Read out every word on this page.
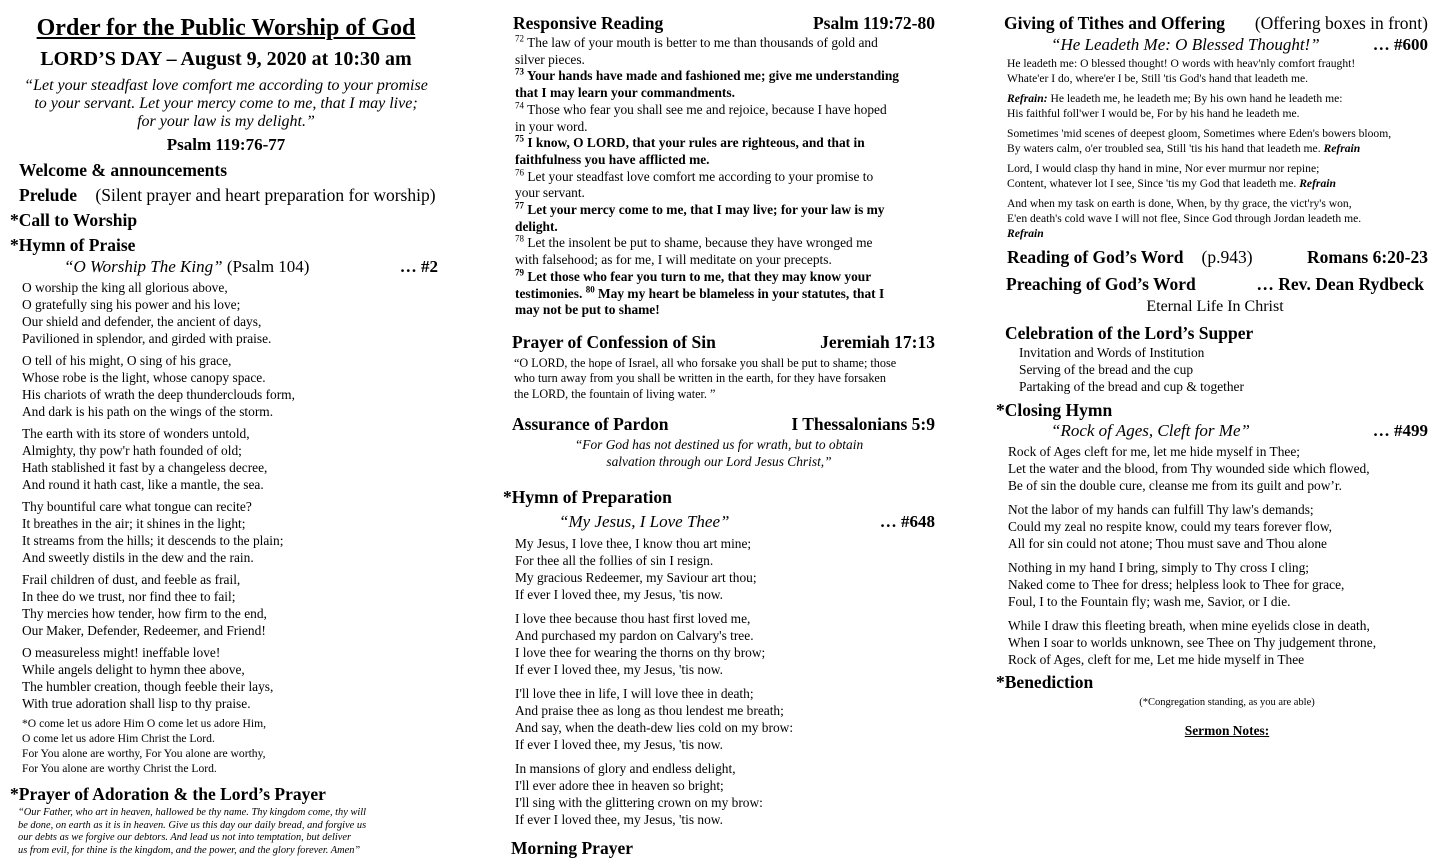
Order for the Public Worship of God
LORD’S DAY – August 9, 2020 at 10:30 am
“Let your steadfast love comfort me according to your promise
to your servant. Let your mercy come to me, that I may live;
for your law is my delight.”
Psalm 119:76-77
Welcome & announcements
Prelude (Silent prayer and heart preparation for worship)
*Call to Worship
*Hymn of Praise
“O Worship The King” (Psalm 104)	… #2
O worship the king all glorious above,
O gratefully sing his power and his love;
Our shield and defender, the ancient of days,
Pavilioned in splendor, and girded with praise.
O tell of his might, O sing of his grace,
Whose robe is the light, whose canopy space.
His chariots of wrath the deep thunderclouds form,
And dark is his path on the wings of the storm.
The earth with its store of wonders untold,
Almighty, thy pow'r hath founded of old;
Hath stablished it fast by a changeless decree,
And round it hath cast, like a mantle, the sea.
Thy bountiful care what tongue can recite?
It breathes in the air; it shines in the light;
It streams from the hills; it descends to the plain;
And sweetly distils in the dew and the rain.
Frail children of dust, and feeble as frail,
In thee do we trust, nor find thee to fail;
Thy mercies how tender, how firm to the end,
Our Maker, Defender, Redeemer, and Friend!
O measureless might! ineffable love!
While angels delight to hymn thee above,
The humbler creation, though feeble their lays,
With true adoration shall lisp to thy praise.
*O come let us adore Him O come let us adore Him,
O come let us adore Him Christ the Lord.
For You alone are worthy, For You alone are worthy,
For You alone are worthy Christ the Lord.
*Prayer of Adoration & the Lord’s Prayer
“Our Father, who art in heaven, hallowed be thy name. Thy kingdom come, thy will
be done, on earth as it is in heaven. Give us this day our daily bread, and forgive us
our debts as we forgive our debtors. And lead us not into temptation, but deliver
us from evil, for thine is the kingdom, and the power, and the glory forever. Amen”
Responsive Reading	Psalm 119:72-80
$^{72}$ The law of your mouth is better to me than thousands of gold and
silver pieces.
$^{73}$ Your hands have made and fashioned me; give me understanding
that I may learn your commandments.
$^{74}$ Those who fear you shall see me and rejoice, because I have hoped
in your word.
$^{75}$ I know, O LORD, that your rules are righteous, and that in
faithfulness you have afflicted me.
$^{76}$ Let your steadfast love comfort me according to your promise to
your servant.
$^{77}$ Let your mercy come to me, that I may live; for your law is my
delight.
$^{78}$ Let the insolent be put to shame, because they have wronged me
with falsehood; as for me, I will meditate on your precepts.
$^{79}$ Let those who fear you turn to me, that they may know your
testimonies. $^{80}$ May my heart be blameless in your statutes, that I
may not be put to shame!
Prayer of Confession of Sin	Jeremiah 17:13
“O LORD, the hope of Israel, all who forsake you shall be put to shame; those
who turn away from you shall be written in the earth, for they have forsaken
the LORD, the fountain of living water. ”
Assurance of Pardon	I Thessalonians 5:9
“For God has not destined us for wrath, but to obtain
salvation through our Lord Jesus Christ,”
*Hymn of Preparation
“My Jesus, I Love Thee”	… #648
My Jesus, I love thee, I know thou art mine;
For thee all the follies of sin I resign.
My gracious Redeemer, my Saviour art thou;
If ever I loved thee, my Jesus, 'tis now.
I love thee because thou hast first loved me,
And purchased my pardon on Calvary's tree.
I love thee for wearing the thorns on thy brow;
If ever I loved thee, my Jesus, 'tis now.
I'll love thee in life, I will love thee in death;
And praise thee as long as thou lendest me breath;
And say, when the death-dew lies cold on my brow:
If ever I loved thee, my Jesus, 'tis now.
In mansions of glory and endless delight,
I'll ever adore thee in heaven so bright;
I'll sing with the glittering crown on my brow:
If ever I loved thee, my Jesus, 'tis now.
Morning Prayer
Giving of Tithes and Offering (Offering boxes in front)
“He Leadeth Me: O Blessed Thought!”	… #600
He leadeth me: O blessed thought! O words with heav'nly comfort fraught!
Whate'er I do, where'er I be, Still 'tis God's hand that leadeth me.
Refrain: He leadeth me, he leadeth me; By his own hand he leadeth me:
His faithful foll'wer I would be, For by his hand he leadeth me.
Sometimes 'mid scenes of deepest gloom, Sometimes where Eden's bowers bloom,
By waters calm, o'er troubled sea, Still 'tis his hand that leadeth me. Refrain
Lord, I would clasp thy hand in mine, Nor ever murmur nor repine;
Content, whatever lot I see, Since 'tis my God that leadeth me. Refrain
And when my task on earth is done, When, by thy grace, the vict'ry's won,
E'en death's cold wave I will not flee, Since God through Jordan leadeth me.
Refrain
Reading of God’s Word (p.943)	Romans 6:20-23
Preaching of God’s Word	… Rev. Dean Rydbeck
Eternal Life In Christ
Celebration of the Lord’s Supper
Invitation and Words of Institution
Serving of the bread and the cup
Partaking of the bread and cup & together
*Closing Hymn
“Rock of Ages, Cleft for Me”	… #499
Rock of Ages cleft for me, let me hide myself in Thee;
Let the water and the blood, from Thy wounded side which flowed,
Be of sin the double cure, cleanse me from its guilt and pow’r.
Not the labor of my hands can fulfill Thy law's demands;
Could my zeal no respite know, could my tears forever flow,
All for sin could not atone; Thou must save and Thou alone
Nothing in my hand I bring, simply to Thy cross I cling;
Naked come to Thee for dress; helpless look to Thee for grace,
Foul, I to the Fountain fly; wash me, Savior, or I die.
While I draw this fleeting breath, when mine eyelids close in death,
When I soar to worlds unknown, see Thee on Thy judgement throne,
Rock of Ages, cleft for me, Let me hide myself in Thee
*Benediction
(*Congregation standing, as you are able)
Sermon Notes:
